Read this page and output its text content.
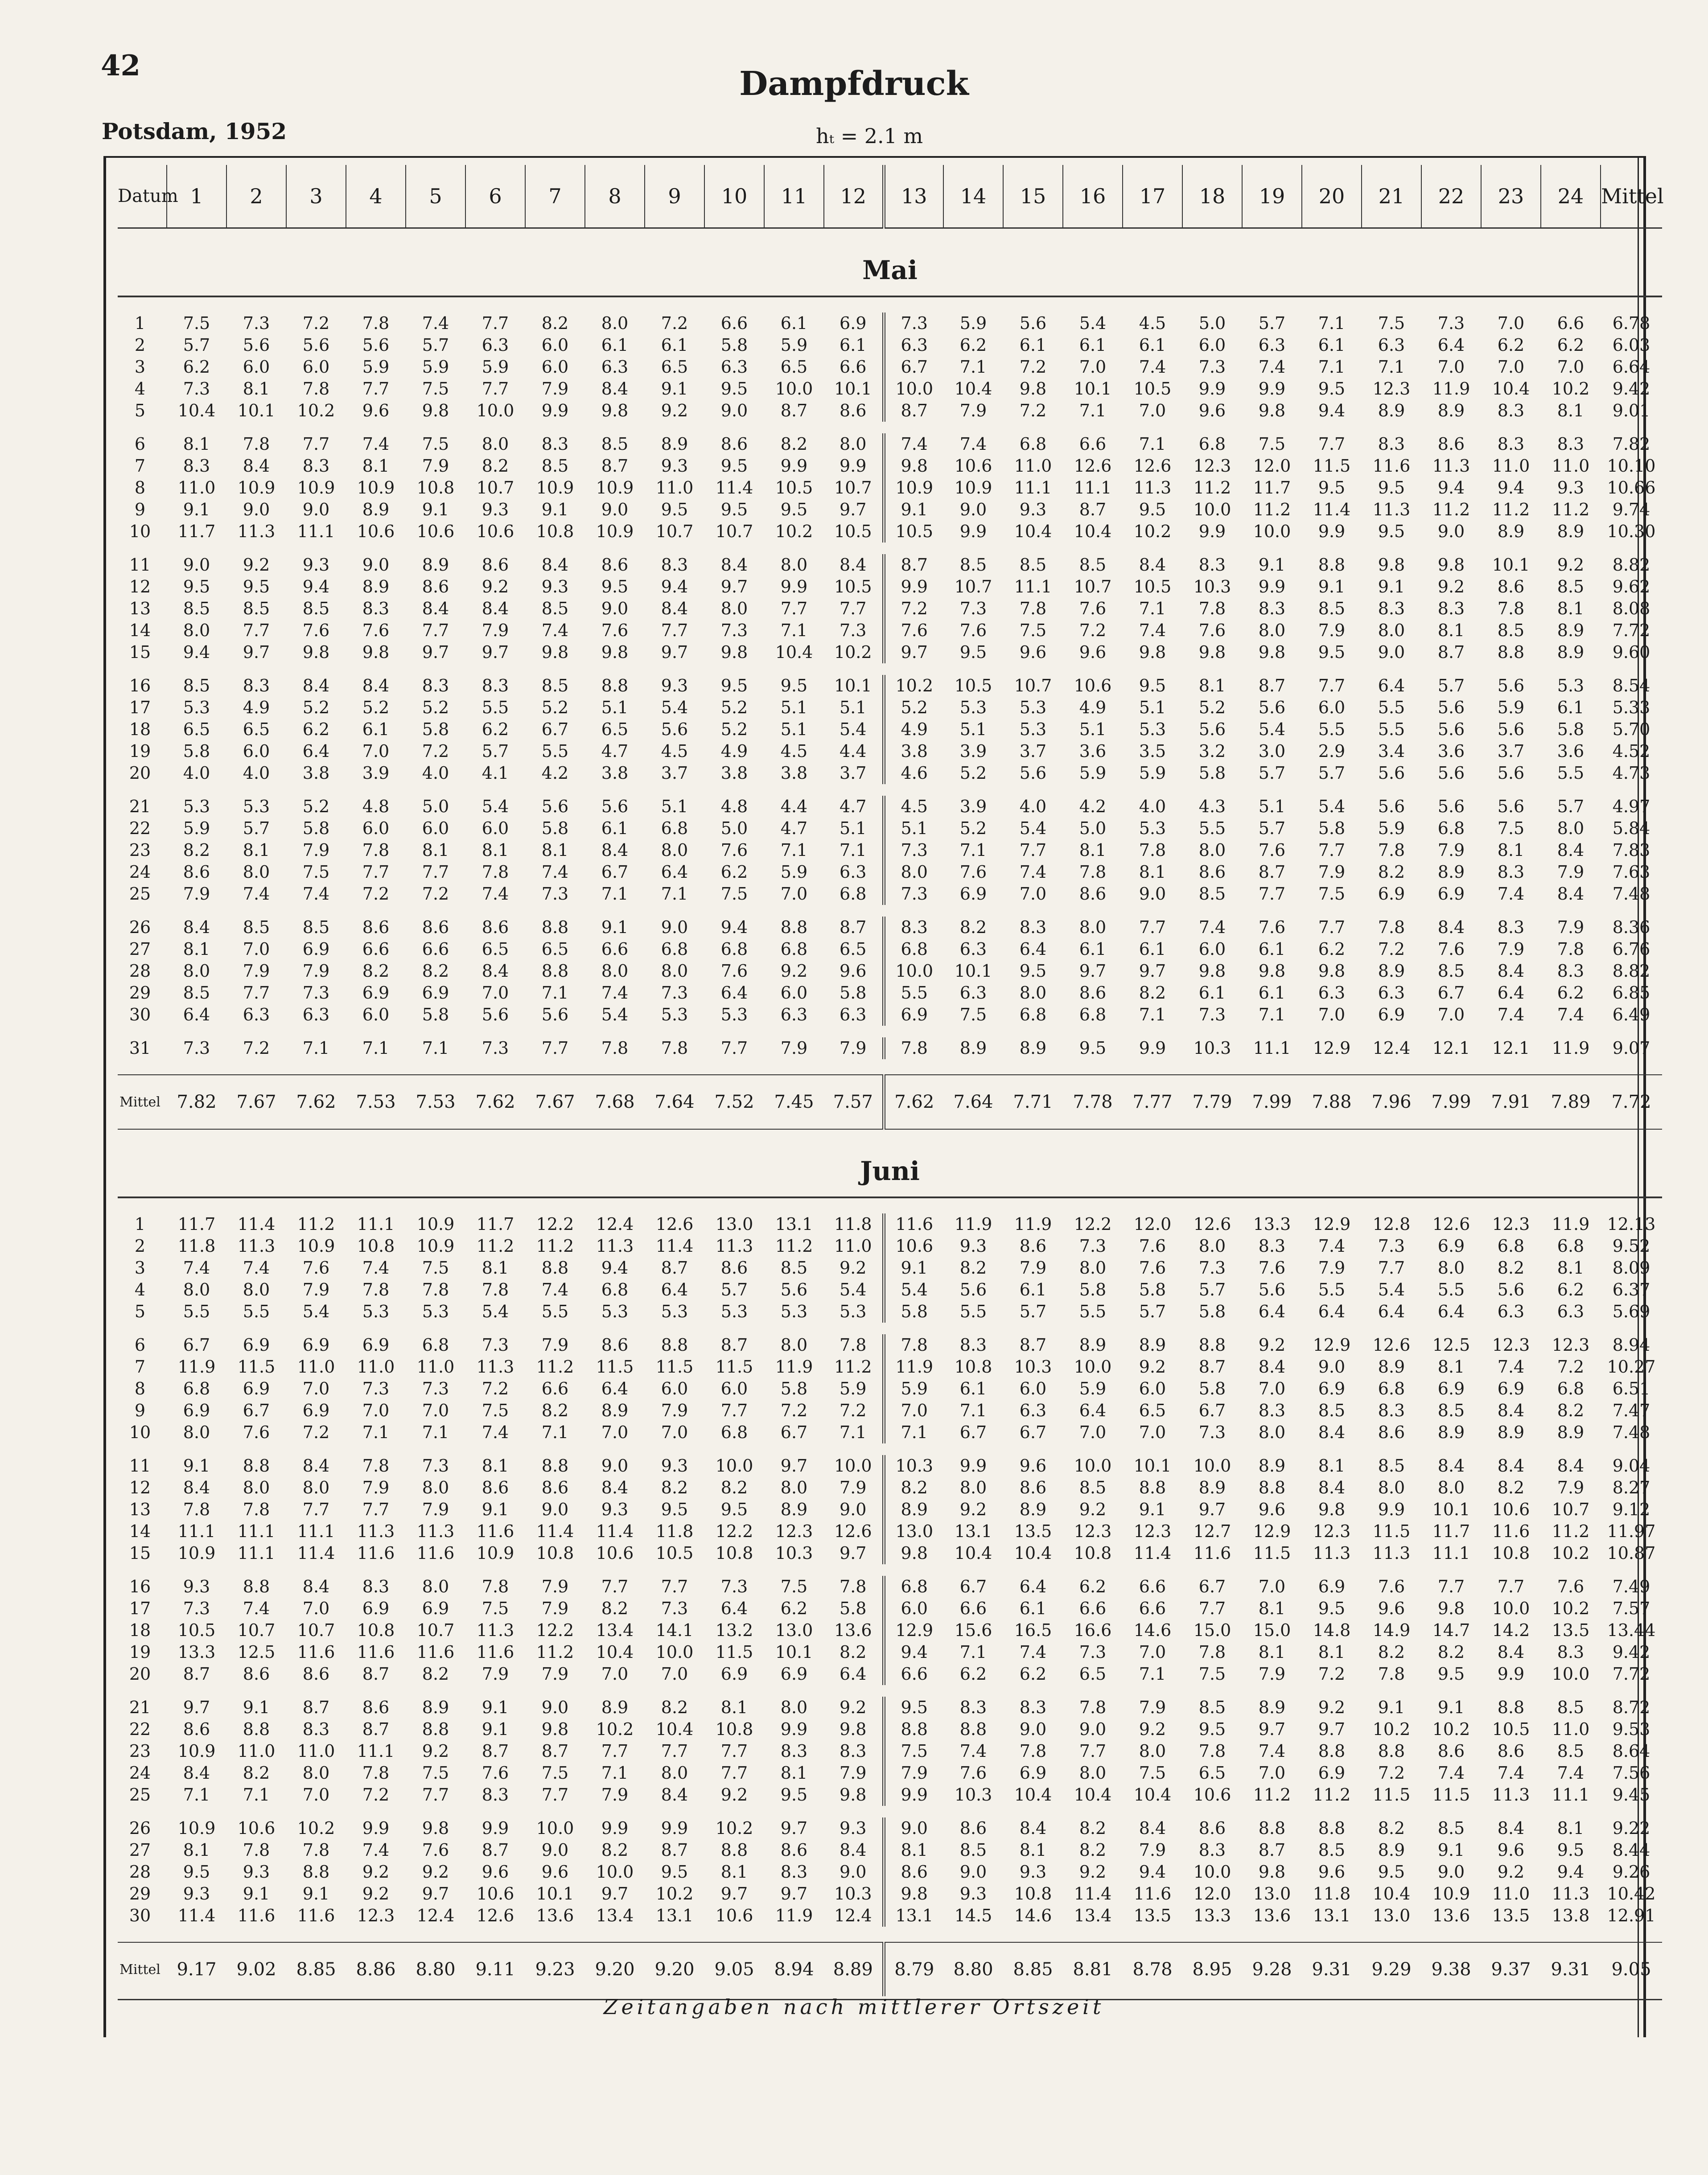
42	Dampfdruck
Potsdam, 1952	hₜ = 2.1 m
Datum	1	2	3	4	5	6	7	8	9	10	11	12	13	14	15	16	17	18	19	20	21	22	23	24	Mittel
Mai																									

1	7.5	7.3	7.2	7.8	7.4	7.7	8.2	8.0	7.2	6.6	6.1	6.9	7.3	5.9	5.6	5.4	4.5	5.0	5.7	7.1	7.5	7.3	7.0	6.6	6.78
2	5.7	5.6	5.6	5.6	5.7	6.3	6.0	6.1	6.1	5.8	5.9	6.1	6.3	6.2	6.1	6.1	6.1	6.0	6.3	6.1	6.3	6.4	6.2	6.2	6.03
3	6.2	6.0	6.0	5.9	5.9	5.9	6.0	6.3	6.5	6.3	6.5	6.6	6.7	7.1	7.2	7.0	7.4	7.3	7.4	7.1	7.1	7.0	7.0	7.0	6.64
4	7.3	8.1	7.8	7.7	7.5	7.7	7.9	8.4	9.1	9.5	10.0	10.1	10.0	10.4	9.8	10.1	10.5	9.9	9.9	9.5	12.3	11.9	10.4	10.2	9.42
5	10.4	10.1	10.2	9.6	9.8	10.0	9.9	9.8	9.2	9.0	8.7	8.6	8.7	7.9	7.2	7.1	7.0	9.6	9.8	9.4	8.9	8.9	8.3	8.1	9.01

6	8.1	7.8	7.7	7.4	7.5	8.0	8.3	8.5	8.9	8.6	8.2	8.0	7.4	7.4	6.8	6.6	7.1	6.8	7.5	7.7	8.3	8.6	8.3	8.3	7.82
7	8.3	8.4	8.3	8.1	7.9	8.2	8.5	8.7	9.3	9.5	9.9	9.9	9.8	10.6	11.0	12.6	12.6	12.3	12.0	11.5	11.6	11.3	11.0	11.0	10.10
8	11.0	10.9	10.9	10.9	10.8	10.7	10.9	10.9	11.0	11.4	10.5	10.7	10.9	10.9	11.1	11.1	11.3	11.2	11.7	9.5	9.5	9.4	9.4	9.3	10.66
9	9.1	9.0	9.0	8.9	9.1	9.3	9.1	9.0	9.5	9.5	9.5	9.7	9.1	9.0	9.3	8.7	9.5	10.0	11.2	11.4	11.3	11.2	11.2	11.2	9.74
10	11.7	11.3	11.1	10.6	10.6	10.6	10.8	10.9	10.7	10.7	10.2	10.5	10.5	9.9	10.4	10.4	10.2	9.9	10.0	9.9	9.5	9.0	8.9	8.9	10.30

11	9.0	9.2	9.3	9.0	8.9	8.6	8.4	8.6	8.3	8.4	8.0	8.4	8.7	8.5	8.5	8.5	8.4	8.3	9.1	8.8	9.8	9.8	10.1	9.2	8.82
12	9.5	9.5	9.4	8.9	8.6	9.2	9.3	9.5	9.4	9.7	9.9	10.5	9.9	10.7	11.1	10.7	10.5	10.3	9.9	9.1	9.1	9.2	8.6	8.5	9.62
13	8.5	8.5	8.5	8.3	8.4	8.4	8.5	9.0	8.4	8.0	7.7	7.7	7.2	7.3	7.8	7.6	7.1	7.8	8.3	8.5	8.3	8.3	7.8	8.1	8.08
14	8.0	7.7	7.6	7.6	7.7	7.9	7.4	7.6	7.7	7.3	7.1	7.3	7.6	7.6	7.5	7.2	7.4	7.6	8.0	7.9	8.0	8.1	8.5	8.9	7.72
15	9.4	9.7	9.8	9.8	9.7	9.7	9.8	9.8	9.7	9.8	10.4	10.2	9.7	9.5	9.6	9.6	9.8	9.8	9.8	9.5	9.0	8.7	8.8	8.9	9.60

16	8.5	8.3	8.4	8.4	8.3	8.3	8.5	8.8	9.3	9.5	9.5	10.1	10.2	10.5	10.7	10.6	9.5	8.1	8.7	7.7	6.4	5.7	5.6	5.3	8.54
17	5.3	4.9	5.2	5.2	5.2	5.5	5.2	5.1	5.4	5.2	5.1	5.1	5.2	5.3	5.3	4.9	5.1	5.2	5.6	6.0	5.5	5.6	5.9	6.1	5.33
18	6.5	6.5	6.2	6.1	5.8	6.2	6.7	6.5	5.6	5.2	5.1	5.4	4.9	5.1	5.3	5.1	5.3	5.6	5.4	5.5	5.5	5.6	5.6	5.8	5.70
19	5.8	6.0	6.4	7.0	7.2	5.7	5.5	4.7	4.5	4.9	4.5	4.4	3.8	3.9	3.7	3.6	3.5	3.2	3.0	2.9	3.4	3.6	3.7	3.6	4.52
20	4.0	4.0	3.8	3.9	4.0	4.1	4.2	3.8	3.7	3.8	3.8	3.7	4.6	5.2	5.6	5.9	5.9	5.8	5.7	5.7	5.6	5.6	5.6	5.5	4.73

21	5.3	5.3	5.2	4.8	5.0	5.4	5.6	5.6	5.1	4.8	4.4	4.7	4.5	3.9	4.0	4.2	4.0	4.3	5.1	5.4	5.6	5.6	5.6	5.7	4.97
22	5.9	5.7	5.8	6.0	6.0	6.0	5.8	6.1	6.8	5.0	4.7	5.1	5.1	5.2	5.4	5.0	5.3	5.5	5.7	5.8	5.9	6.8	7.5	8.0	5.84
23	8.2	8.1	7.9	7.8	8.1	8.1	8.1	8.4	8.0	7.6	7.1	7.1	7.3	7.1	7.7	8.1	7.8	8.0	7.6	7.7	7.8	7.9	8.1	8.4	7.83
24	8.6	8.0	7.5	7.7	7.7	7.8	7.4	6.7	6.4	6.2	5.9	6.3	8.0	7.6	7.4	7.8	8.1	8.6	8.7	7.9	8.2	8.9	8.3	7.9	7.63
25	7.9	7.4	7.4	7.2	7.2	7.4	7.3	7.1	7.1	7.5	7.0	6.8	7.3	6.9	7.0	8.6	9.0	8.5	7.7	7.5	6.9	6.9	7.4	8.4	7.48

26	8.4	8.5	8.5	8.6	8.6	8.6	8.8	9.1	9.0	9.4	8.8	8.7	8.3	8.2	8.3	8.0	7.7	7.4	7.6	7.7	7.8	8.4	8.3	7.9	8.36
27	8.1	7.0	6.9	6.6	6.6	6.5	6.5	6.6	6.8	6.8	6.8	6.5	6.8	6.3	6.4	6.1	6.1	6.0	6.1	6.2	7.2	7.6	7.9	7.8	6.76
28	8.0	7.9	7.9	8.2	8.2	8.4	8.8	8.0	8.0	7.6	9.2	9.6	10.0	10.1	9.5	9.7	9.7	9.8	9.8	9.8	8.9	8.5	8.4	8.3	8.82
29	8.5	7.7	7.3	6.9	6.9	7.0	7.1	7.4	7.3	6.4	6.0	5.8	5.5	6.3	8.0	8.6	8.2	6.1	6.1	6.3	6.3	6.7	6.4	6.2	6.85
30	6.4	6.3	6.3	6.0	5.8	5.6	5.6	5.4	5.3	5.3	6.3	6.3	6.9	7.5	6.8	6.8	7.1	7.3	7.1	7.0	6.9	7.0	7.4	7.4	6.49

31	7.3	7.2	7.1	7.1	7.1	7.3	7.7	7.8	7.8	7.7	7.9	7.9	7.8	8.9	8.9	9.5	9.9	10.3	11.1	12.9	12.4	12.1	12.1	11.9	9.07

Mittel	7.82	7.67	7.62	7.53	7.53	7.62	7.67	7.68	7.64	7.52	7.45	7.57	7.62	7.64	7.71	7.78	7.77	7.79	7.99	7.88	7.96	7.99	7.91	7.89	7.72
Juni																									

1	11.7	11.4	11.2	11.1	10.9	11.7	12.2	12.4	12.6	13.0	13.1	11.8	11.6	11.9	11.9	12.2	12.0	12.6	13.3	12.9	12.8	12.6	12.3	11.9	12.13
2	11.8	11.3	10.9	10.8	10.9	11.2	11.2	11.3	11.4	11.3	11.2	11.0	10.6	9.3	8.6	7.3	7.6	8.0	8.3	7.4	7.3	6.9	6.8	6.8	9.52
3	7.4	7.4	7.6	7.4	7.5	8.1	8.8	9.4	8.7	8.6	8.5	9.2	9.1	8.2	7.9	8.0	7.6	7.3	7.6	7.9	7.7	8.0	8.2	8.1	8.09
4	8.0	8.0	7.9	7.8	7.8	7.8	7.4	6.8	6.4	5.7	5.6	5.4	5.4	5.6	6.1	5.8	5.8	5.7	5.6	5.5	5.4	5.5	5.6	6.2	6.37
5	5.5	5.5	5.4	5.3	5.3	5.4	5.5	5.3	5.3	5.3	5.3	5.3	5.8	5.5	5.7	5.5	5.7	5.8	6.4	6.4	6.4	6.4	6.3	6.3	5.69

6	6.7	6.9	6.9	6.9	6.8	7.3	7.9	8.6	8.8	8.7	8.0	7.8	7.8	8.3	8.7	8.9	8.9	8.8	9.2	12.9	12.6	12.5	12.3	12.3	8.94
7	11.9	11.5	11.0	11.0	11.0	11.3	11.2	11.5	11.5	11.5	11.9	11.2	11.9	10.8	10.3	10.0	9.2	8.7	8.4	9.0	8.9	8.1	7.4	7.2	10.27
8	6.8	6.9	7.0	7.3	7.3	7.2	6.6	6.4	6.0	6.0	5.8	5.9	5.9	6.1	6.0	5.9	6.0	5.8	7.0	6.9	6.8	6.9	6.9	6.8	6.51
9	6.9	6.7	6.9	7.0	7.0	7.5	8.2	8.9	7.9	7.7	7.2	7.2	7.0	7.1	6.3	6.4	6.5	6.7	8.3	8.5	8.3	8.5	8.4	8.2	7.47
10	8.0	7.6	7.2	7.1	7.1	7.4	7.1	7.0	7.0	6.8	6.7	7.1	7.1	6.7	6.7	7.0	7.0	7.3	8.0	8.4	8.6	8.9	8.9	8.9	7.48

11	9.1	8.8	8.4	7.8	7.3	8.1	8.8	9.0	9.3	10.0	9.7	10.0	10.3	9.9	9.6	10.0	10.1	10.0	8.9	8.1	8.5	8.4	8.4	8.4	9.04
12	8.4	8.0	8.0	7.9	8.0	8.6	8.6	8.4	8.2	8.2	8.0	7.9	8.2	8.0	8.6	8.5	8.8	8.9	8.8	8.4	8.0	8.0	8.2	7.9	8.27
13	7.8	7.8	7.7	7.7	7.9	9.1	9.0	9.3	9.5	9.5	8.9	9.0	8.9	9.2	8.9	9.2	9.1	9.7	9.6	9.8	9.9	10.1	10.6	10.7	9.12
14	11.1	11.1	11.1	11.3	11.3	11.6	11.4	11.4	11.8	12.2	12.3	12.6	13.0	13.1	13.5	12.3	12.3	12.7	12.9	12.3	11.5	11.7	11.6	11.2	11.97
15	10.9	11.1	11.4	11.6	11.6	10.9	10.8	10.6	10.5	10.8	10.3	9.7	9.8	10.4	10.4	10.8	11.4	11.6	11.5	11.3	11.3	11.1	10.8	10.2	10.87

16	9.3	8.8	8.4	8.3	8.0	7.8	7.9	7.7	7.7	7.3	7.5	7.8	6.8	6.7	6.4	6.2	6.6	6.7	7.0	6.9	7.6	7.7	7.7	7.6	7.49
17	7.3	7.4	7.0	6.9	6.9	7.5	7.9	8.2	7.3	6.4	6.2	5.8	6.0	6.6	6.1	6.6	6.6	7.7	8.1	9.5	9.6	9.8	10.0	10.2	7.57
18	10.5	10.7	10.7	10.8	10.7	11.3	12.2	13.4	14.1	13.2	13.0	13.6	12.9	15.6	16.5	16.6	14.6	15.0	15.0	14.8	14.9	14.7	14.2	13.5	13.44
19	13.3	12.5	11.6	11.6	11.6	11.6	11.2	10.4	10.0	11.5	10.1	8.2	9.4	7.1	7.4	7.3	7.0	7.8	8.1	8.1	8.2	8.2	8.4	8.3	9.42
20	8.7	8.6	8.6	8.7	8.2	7.9	7.9	7.0	7.0	6.9	6.9	6.4	6.6	6.2	6.2	6.5	7.1	7.5	7.9	7.2	7.8	9.5	9.9	10.0	7.72

21	9.7	9.1	8.7	8.6	8.9	9.1	9.0	8.9	8.2	8.1	8.0	9.2	9.5	8.3	8.3	7.8	7.9	8.5	8.9	9.2	9.1	9.1	8.8	8.5	8.72
22	8.6	8.8	8.3	8.7	8.8	9.1	9.8	10.2	10.4	10.8	9.9	9.8	8.8	8.8	9.0	9.0	9.2	9.5	9.7	9.7	10.2	10.2	10.5	11.0	9.53
23	10.9	11.0	11.0	11.1	9.2	8.7	8.7	7.7	7.7	7.7	8.3	8.3	7.5	7.4	7.8	7.7	8.0	7.8	7.4	8.8	8.8	8.6	8.6	8.5	8.64
24	8.4	8.2	8.0	7.8	7.5	7.6	7.5	7.1	8.0	7.7	8.1	7.9	7.9	7.6	6.9	8.0	7.5	6.5	7.0	6.9	7.2	7.4	7.4	7.4	7.56
25	7.1	7.1	7.0	7.2	7.7	8.3	7.7	7.9	8.4	9.2	9.5	9.8	9.9	10.3	10.4	10.4	10.4	10.6	11.2	11.2	11.5	11.5	11.3	11.1	9.45

26	10.9	10.6	10.2	9.9	9.8	9.9	10.0	9.9	9.9	10.2	9.7	9.3	9.0	8.6	8.4	8.2	8.4	8.6	8.8	8.8	8.2	8.5	8.4	8.1	9.22
27	8.1	7.8	7.8	7.4	7.6	8.7	9.0	8.2	8.7	8.8	8.6	8.4	8.1	8.5	8.1	8.2	7.9	8.3	8.7	8.5	8.9	9.1	9.6	9.5	8.44
28	9.5	9.3	8.8	9.2	9.2	9.6	9.6	10.0	9.5	8.1	8.3	9.0	8.6	9.0	9.3	9.2	9.4	10.0	9.8	9.6	9.5	9.0	9.2	9.4	9.26
29	9.3	9.1	9.1	9.2	9.7	10.6	10.1	9.7	10.2	9.7	9.7	10.3	9.8	9.3	10.8	11.4	11.6	12.0	13.0	11.8	10.4	10.9	11.0	11.3	10.42
30	11.4	11.6	11.6	12.3	12.4	12.6	13.6	13.4	13.1	10.6	11.9	12.4	13.1	14.5	14.6	13.4	13.5	13.3	13.6	13.1	13.0	13.6	13.5	13.8	12.91

Mittel	9.17	9.02	8.85	8.86	8.80	9.11	9.23	9.20	9.20	9.05	8.94	8.89	8.79	8.80	8.85	8.81	8.78	8.95	9.28	9.31	9.29	9.38	9.37	9.31	9.05

Zeitangaben nach mittlerer Ortszeit
